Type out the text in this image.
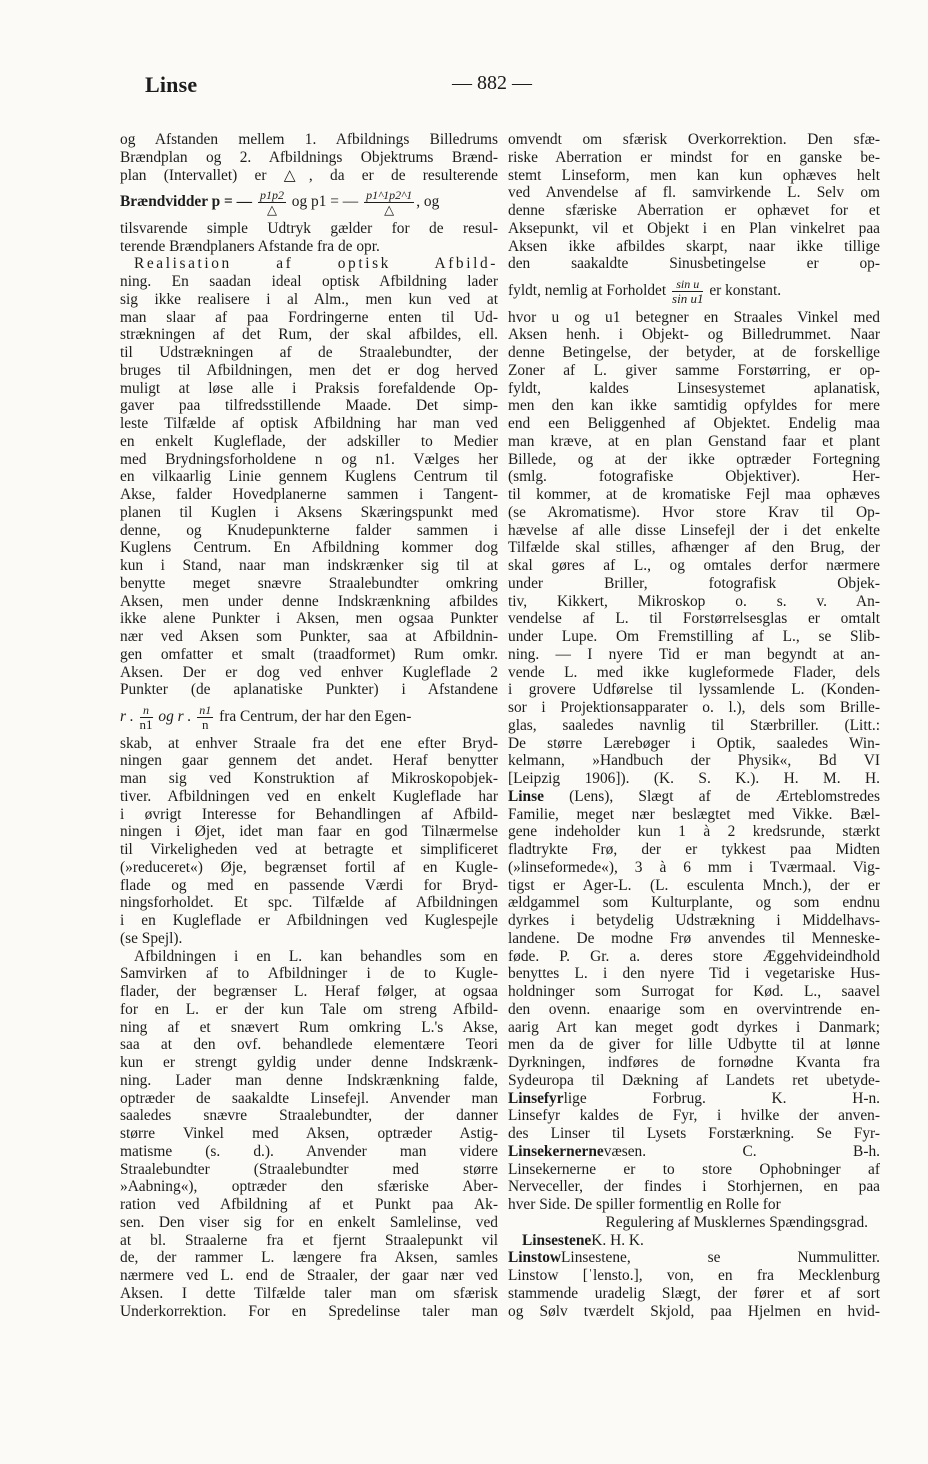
Linse	— 882 —
og Afstanden mellem 1. Afbildnings Billedrums
Brændplan og 2. Afbildnings Objektrums Brænd-
plan (Intervallet) er △, da er de resulterende
Brændvidder p = — $\frac{p1p2}{\triangle}$ og p1 = — $\frac{p1\^{}1p2\^{}1}{\triangle}$ , og
tilsvarende simple Udtryk gælder for de resul-
terende Brændplaners Afstande fra de opr.
Realisation af optisk Afbild-
ning. En saadan ideal optisk Afbildning lader
sig ikke realisere i al Alm., men kun ved at
man slaar af paa Fordringerne enten til Ud-
strækningen af det Rum, der skal afbildes, ell.
til Udstrækningen af de Straalebundter, der
bruges til Afbildningen, men det er dog herved
muligt at løse alle i Praksis forefaldende Op-
gaver paa tilfredsstillende Maade. Det simp-
leste Tilfælde af optisk Afbildning har man ved
en enkelt Kugleflade, der adskiller to Medier
med Brydningsforholdene n og n1. Vælges her
en vilkaarlig Linie gennem Kuglens Centrum til
Akse, falder Hovedplanerne sammen i Tangent-
planen til Kuglen i Aksens Skæringspunkt med
denne, og Knudepunkterne falder sammen i
Kuglens Centrum. En Afbildning kommer dog
kun i Stand, naar man indskrænker sig til at
benytte meget snævre Straalebundter omkring
Aksen, men under denne Indskrænkning afbildes
ikke alene Punkter i Aksen, men ogsaa Punkter
nær ved Aksen som Punkter, saa at Afbildnin-
gen omfatter et smalt (traadformet) Rum omkr.
Aksen. Der er dog ved enhver Kugleflade 2
Punkter (de aplanatiske Punkter) i Afstandene
r . $\frac{n}{n1}$ og r . $\frac{n1}{n}$ fra Centrum, der har den Egen-
skab, at enhver Straale fra det ene efter Bryd-
ningen gaar gennem det andet. Heraf benytter
man sig ved Konstruktion af Mikroskopobjek-
tiver. Afbildningen ved en enkelt Kugleflade har
i øvrigt Interesse for Behandlingen af Afbild-
ningen i Øjet, idet man faar en god Tilnærmelse
til Virkeligheden ved at betragte et simplificeret
(»reduceret«) Øje, begrænset fortil af en Kugle-
flade og med en passende Værdi for Bryd-
ningsforholdet. Et spc. Tilfælde af Afbildningen
i en Kugleflade er Afbildningen ved Kuglespejle
(se Spejl).
Afbildningen i en L. kan behandles som en
Samvirken af to Afbildninger i de to Kugle-
flader, der begrænser L. Heraf følger, at ogsaa
for en L. er der kun Tale om streng Afbild-
ning af et snævert Rum omkring L.'s Akse,
saa at den ovf. behandlede elementære Teori
kun er strengt gyldig under denne Indskrænk-
ning. Lader man denne Indskrænkning falde,
optræder de saakaldte Linsefejl. Anvender man
saaledes snævre Straalebundter, der danner
større Vinkel med Aksen, optræder Astig-
matisme (s. d.). Anvender man videre
Straalebundter (Straalebundter med større
»Aabning«), optræder den sfæriske Aber-
ration ved Afbildning af et Punkt paa Ak-
sen. Den viser sig for en enkelt Samlelinse, ved
at bl. Straalerne fra et fjernt Straalepunkt vil
de, der rammer L. længere fra Aksen, samles
nærmere ved L. end de Straaler, der gaar nær ved
Aksen. I dette Tilfælde taler man om sfærisk
Underkorrektion. For en Spredelinse taler man
omvendt om sfærisk Overkorrektion. Den sfæ-
riske Aberration er mindst for en ganske be-
stemt Linseform, men kan kun ophæves helt
ved Anvendelse af fl. samvirkende L. Selv om
denne sfæriske Aberration er ophævet for et
Aksepunkt, vil et Objekt i en Plan vinkelret paa
Aksen ikke afbildes skarpt, naar ikke tillige
den saakaldte Sinusbetingelse er op-
fyldt, nemlig at Forholdet $\frac{\text{sin u}}{\text{sin u1}}$ er konstant.
hvor u og u1 betegner en Straales Vinkel med
Aksen henh. i Objekt- og Billedrummet. Naar
denne Betingelse, der betyder, at de forskellige
Zoner af L. giver samme Forstørring, er op-
fyldt, kaldes Linsesystemet aplanatisk,
men den kan ikke samtidig opfyldes for mere
end een Beliggenhed af Objektet. Endelig maa
man kræve, at en plan Genstand faar et plant
Billede, og at der ikke optræder Fortegning
(smlg. fotografiske Objektiver). Her-
til kommer, at de kromatiske Fejl maa ophæves
(se Akromatisme). Hvor store Krav til Op-
hævelse af alle disse Linsefejl der i det enkelte
Tilfælde skal stilles, afhænger af den Brug, der
skal gøres af L., og omtales derfor nærmere
under Briller, fotografisk Objek-
tiv, Kikkert, Mikroskop o. s. v. An-
vendelse af L. til Forstørrelsesglas er omtalt
under Lupe. Om Fremstilling af L., se Slib-
ning. — I nyere Tid er man begyndt at an-
vende L. med ikke kugleformede Flader, dels
i grovere Udførelse til lyssamlende L. (Konden-
sor i Projektionsapparater o. l.), dels som Brille-
glas, saaledes navnlig til Stærbriller. (Litt.:
De større Lærebøger i Optik, saaledes Win-
kelmann, »Handbuch der Physik«, Bd VI
[Leipzig 1906]). (K. S. K.). H. M. H.
Linse (Lens), Slægt af de Ærteblomstredes
Familie, meget nær beslægtet med Vikke. Bæl-
gene indeholder kun 1 à 2 kredsrunde, stærkt
fladtrykte Frø, der er tykkest paa Midten
(»linseformede«), 3 à 6 mm i Tværmaal. Vig-
tigst er Ager-L. (L. esculenta Mnch.), der er
ældgammel som Kulturplante, og som endnu
dyrkes i betydelig Udstrækning i Middelhavs-
landene. De modne Frø anvendes til Menneske-
føde. P. Gr. a. deres store Æggehvideindhold
benyttes L. i den nyere Tid i vegetariske Hus-
holdninger som Surrogat for Kød. L., saavel
den ovenn. enaarige som en overvintrende en-
aarig Art kan meget godt dyrkes i Danmark;
men da de giver for lille Udbytte til at lønne
Dyrkningen, indføres de fornødne Kvanta fra
Sydeuropa til Dækning af Landets ret ubetyde-
Linsefyrlige Forbrug. K. H-n.
Linsefyr kaldes de Fyr, i hvilke der anven-
des Linser til Lysets Forstærkning. Se Fyr-
Linsekernernevæsen. C. B-h.
Linsekernerne er to store Ophobninger af
Nerveceller, der findes i Storhjernen, en paa
hver Side. De spiller formentlig en Rolle for
Regulering af Musklernes Spændingsgrad.
LinsesteneK. H. K.
LinstowLinsestene, se Nummulitter.
Linstow [ˈlensto.], von, en fra Mecklenburg
stammende uradelig Slægt, der fører et af sort
og Sølv tværdelt Skjold, paa Hjelmen en hvid-
